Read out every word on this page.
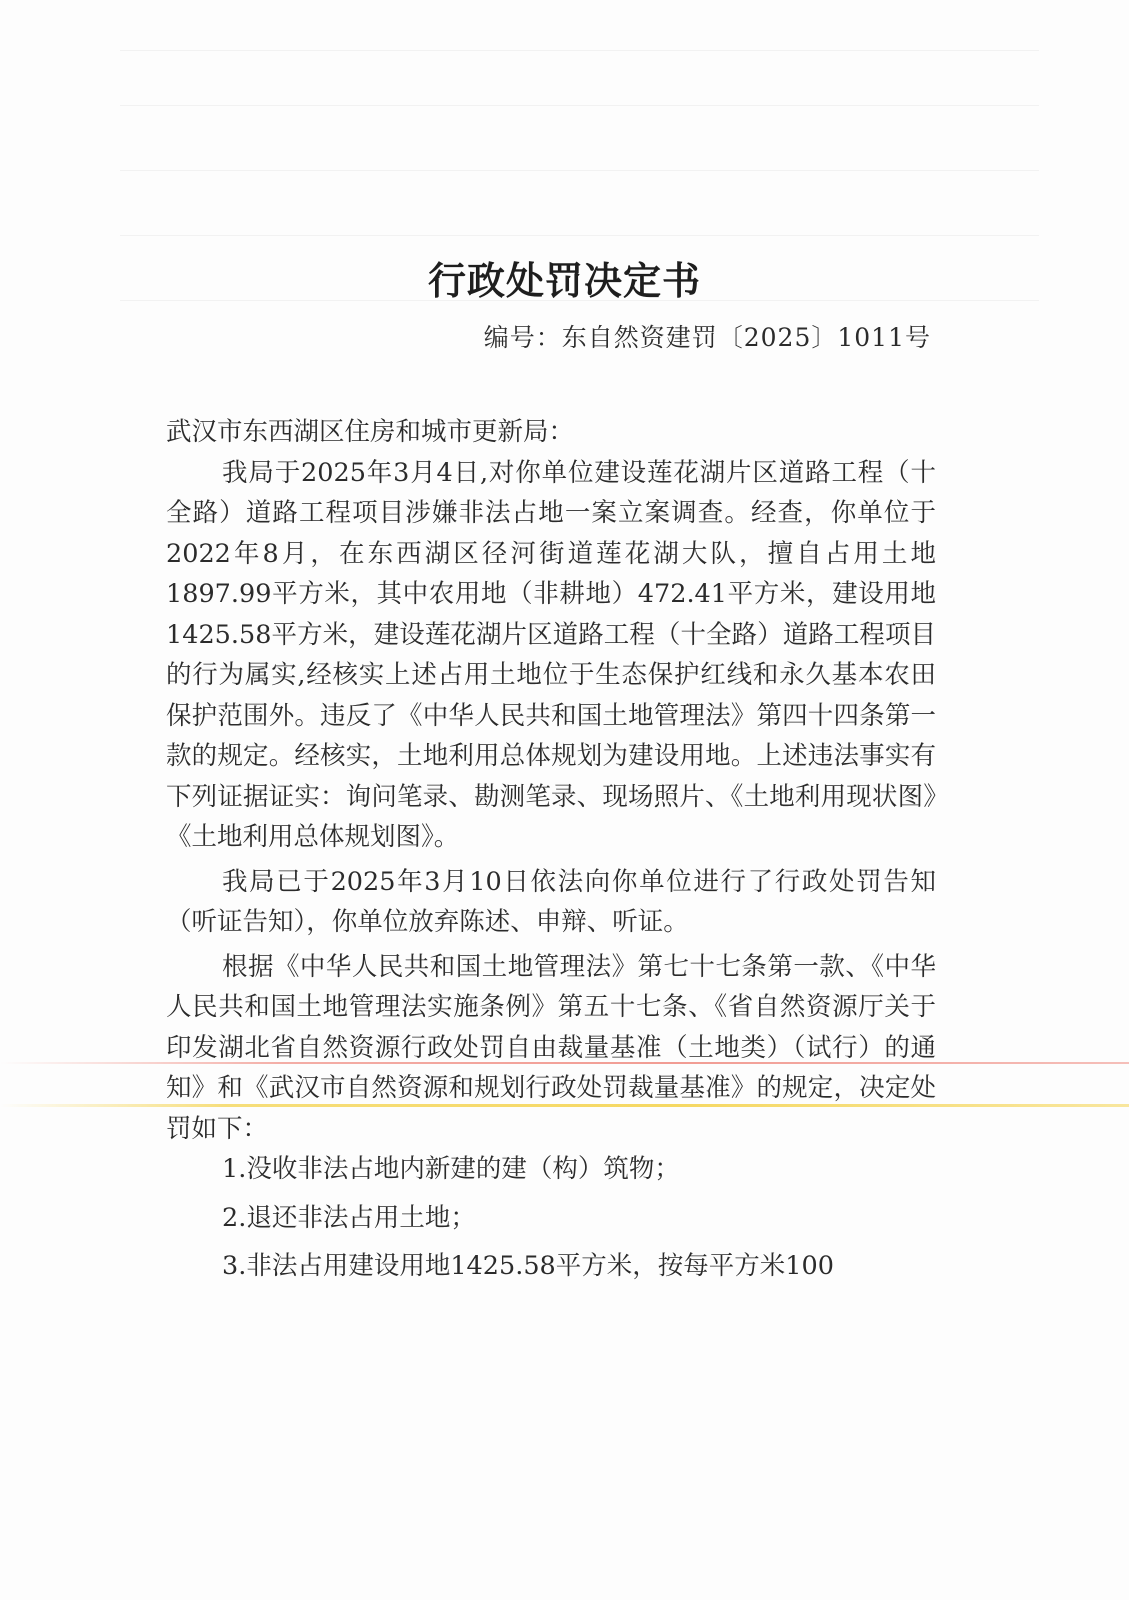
行政处罚决定书
编号：东自然资建罚〔2025〕1011号

武汉市东西湖区住房和城市更新局：

我局于2025年3月4日,对你单位建设莲花湖片区道路工程（十全路）道路工程项目涉嫌非法占地一案立案调查。经查，你单位于2022年8月，在东西湖区径河街道莲花湖大队，擅自占用土地1897.99平方米，其中农用地（非耕地）472.41平方米，建设用地1425.58平方米，建设莲花湖片区道路工程（十全路）道路工程项目的行为属实,经核实上述占用土地位于生态保护红线和永久基本农田保护范围外。违反了《中华人民共和国土地管理法》第四十四条第一款的规定。经核实，土地利用总体规划为建设用地。上述违法事实有下列证据证实：询问笔录、勘测笔录、现场照片、《土地利用现状图》《土地利用总体规划图》。

我局已于2025年3月10日依法向你单位进行了行政处罚告知（听证告知），你单位放弃陈述、申辩、听证。

根据《中华人民共和国土地管理法》第七十七条第一款、《中华人民共和国土地管理法实施条例》第五十七条、《省自然资源厅关于印发湖北省自然资源行政处罚自由裁量基准（土地类）（试行）的通知》和《武汉市自然资源和规划行政处罚裁量基准》的规定，决定处罚如下：

1.没收非法占地内新建的建（构）筑物；

2.退还非法占用土地；

3.非法占用建设用地1425.58平方米，按每平方米100
